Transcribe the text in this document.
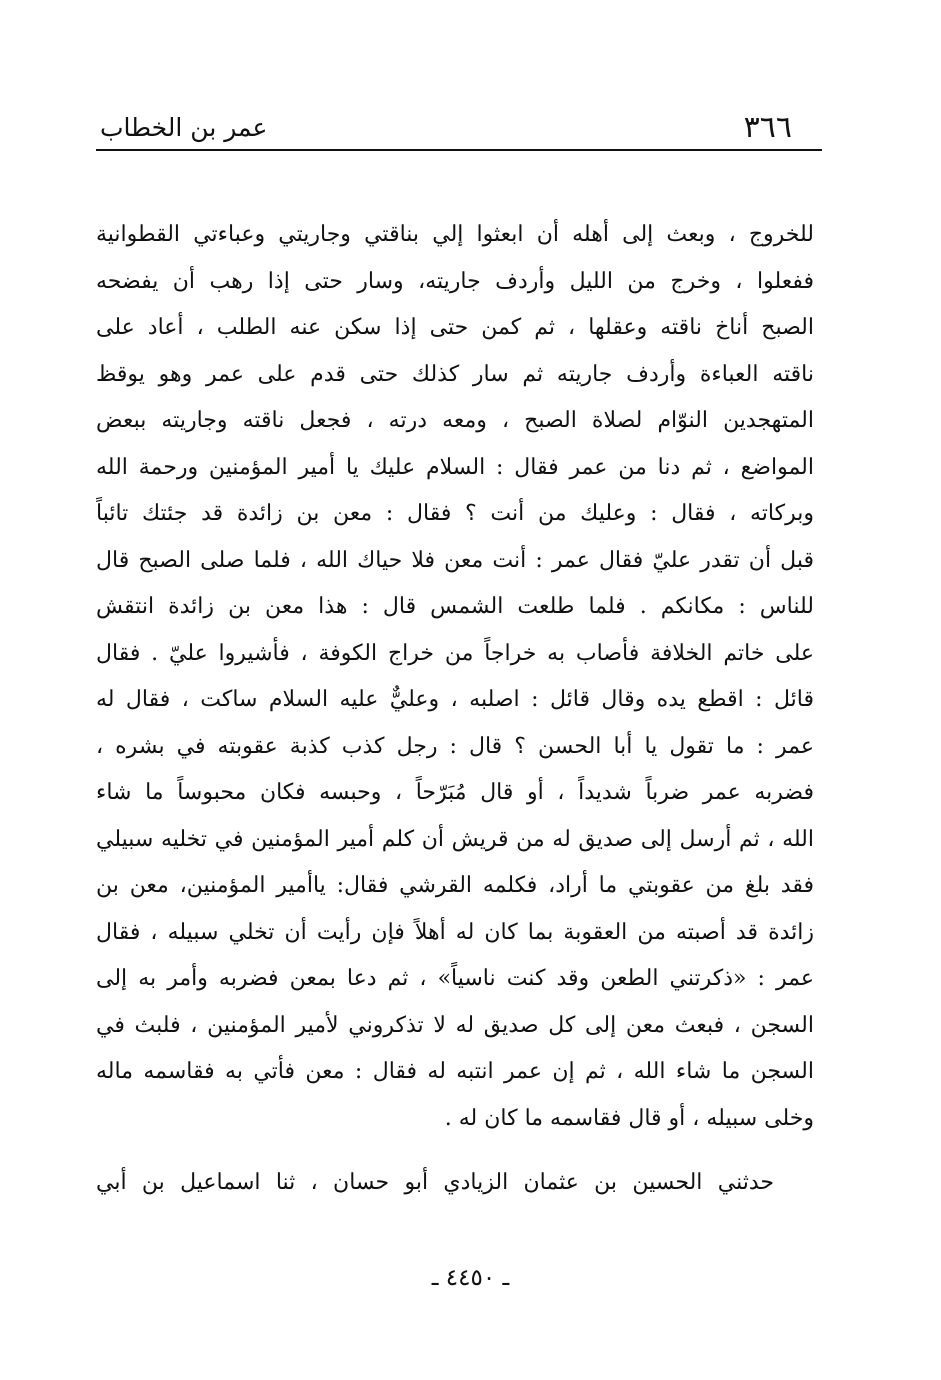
٣٦٦
عمر بن الخطاب
للخروج ، وبعث إلى أهله أن ابعثوا إلي بناقتي وجاريتي وعباءتي القطوانية
ففعلوا ، وخرج من الليل وأردف جاريته، وسار حتى إذا رهب أن يفضحه
الصبح أناخ ناقته وعقلها ، ثم كمن حتى إذا سكن عنه الطلب ، أعاد على
ناقته العباءة وأردف جاريته ثم سار كذلك حتى قدم على عمر وهو يوقظ
المتهجدين النوّام لصلاة الصبح ، ومعه درته ، فجعل ناقته وجاريته ببعض
المواضع ، ثم دنا من عمر فقال : السلام عليك يا أمير المؤمنين ورحمة الله
وبركاته ، فقال : وعليك من أنت ؟ فقال : معن بن زائدة قد جئتك تائباً
قبل أن تقدر عليّ فقال عمر : أنت معن فلا حياك الله ، فلما صلى الصبح قال
للناس : مكانكم . فلما طلعت الشمس قال : هذا معن بن زائدة انتقش
على خاتم الخلافة فأصاب به خراجاً من خراج الكوفة ، فأشيروا عليّ . فقال
قائل : اقطع يده وقال قائل : اصلبه ، وعليٌّ عليه السلام ساكت ، فقال له
عمر : ما تقول يا أبا الحسن ؟ قال : رجل كذب كذبة عقوبته في بشره ،
فضربه عمر ضرباً شديداً ، أو قال مُبَرّحاً ، وحبسه فكان محبوساً ما شاء
الله ، ثم أرسل إلى صديق له من قريش أن كلم أمير المؤمنين في تخليه سبيلي
فقد بلغ من عقوبتي ما أراد، فكلمه القرشي فقال: ياأمير المؤمنين، معن بن
زائدة قد أصبته من العقوبة بما كان له أهلاً فإن رأيت أن تخلي سبيله ، فقال
عمر : «ذكرتني الطعن وقد كنت ناسياً» ، ثم دعا بمعن فضربه وأمر به إلى
السجن ، فبعث معن إلى كل صديق له لا تذكروني لأمير المؤمنين ، فلبث في
السجن ما شاء الله ، ثم إن عمر انتبه له فقال : معن فأتي به فقاسمه ماله
وخلى سبيله ، أو قال فقاسمه ما كان له .
حدثني الحسين بن عثمان الزيادي أبو حسان ، ثنا اسماعيل بن أبي
ـ ٤٤٥٠ ـ
